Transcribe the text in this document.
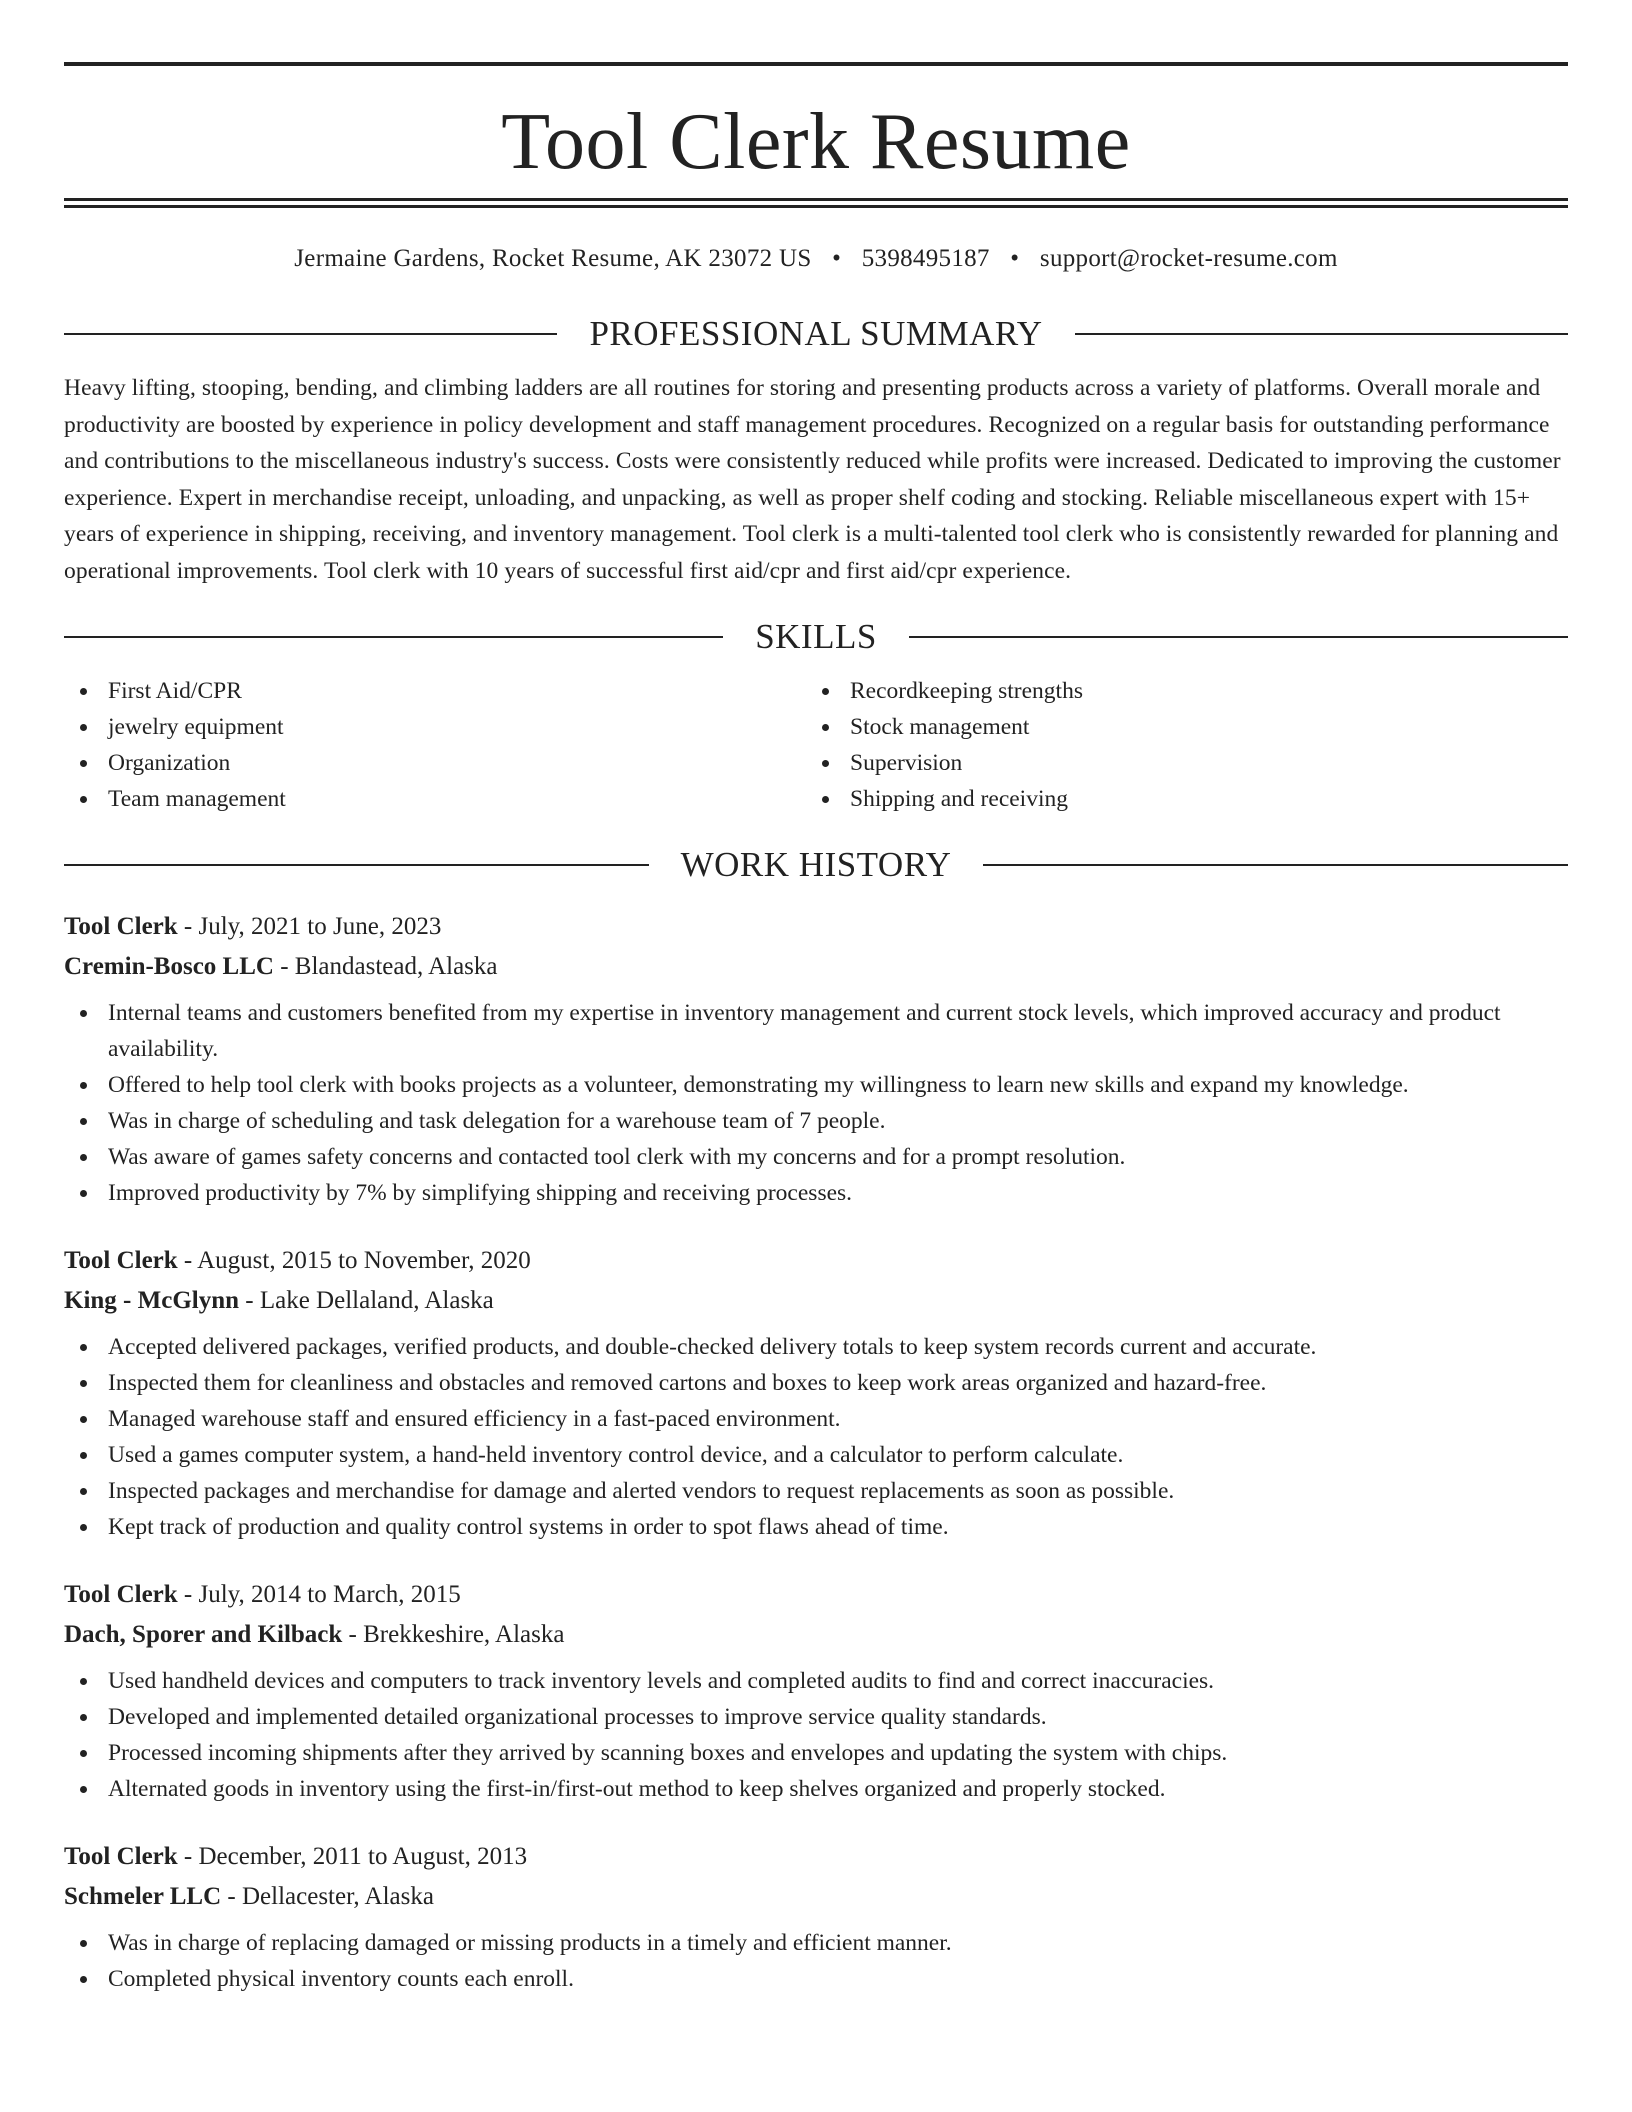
Tool Clerk Resume
Jermaine Gardens, Rocket Resume, AK 23072 US • 5398495187 • support@rocket-resume.com
PROFESSIONAL SUMMARY
Heavy lifting, stooping, bending, and climbing ladders are all routines for storing and presenting products across a variety of platforms. Overall morale and productivity are boosted by experience in policy development and staff management procedures. Recognized on a regular basis for outstanding performance and contributions to the miscellaneous industry's success. Costs were consistently reduced while profits were increased. Dedicated to improving the customer experience. Expert in merchandise receipt, unloading, and unpacking, as well as proper shelf coding and stocking. Reliable miscellaneous expert with 15+ years of experience in shipping, receiving, and inventory management. Tool clerk is a multi-talented tool clerk who is consistently rewarded for planning and operational improvements. Tool clerk with 10 years of successful first aid/cpr and first aid/cpr experience.
SKILLS
First Aid/CPR
jewelry equipment
Organization
Team management
Recordkeeping strengths
Stock management
Supervision
Shipping and receiving
WORK HISTORY
Tool Clerk - July, 2021 to June, 2023
Cremin-Bosco LLC - Blandastead, Alaska
Internal teams and customers benefited from my expertise in inventory management and current stock levels, which improved accuracy and product availability.
Offered to help tool clerk with books projects as a volunteer, demonstrating my willingness to learn new skills and expand my knowledge.
Was in charge of scheduling and task delegation for a warehouse team of 7 people.
Was aware of games safety concerns and contacted tool clerk with my concerns and for a prompt resolution.
Improved productivity by 7% by simplifying shipping and receiving processes.
Tool Clerk - August, 2015 to November, 2020
King - McGlynn - Lake Dellaland, Alaska
Accepted delivered packages, verified products, and double-checked delivery totals to keep system records current and accurate.
Inspected them for cleanliness and obstacles and removed cartons and boxes to keep work areas organized and hazard-free.
Managed warehouse staff and ensured efficiency in a fast-paced environment.
Used a games computer system, a hand-held inventory control device, and a calculator to perform calculate.
Inspected packages and merchandise for damage and alerted vendors to request replacements as soon as possible.
Kept track of production and quality control systems in order to spot flaws ahead of time.
Tool Clerk - July, 2014 to March, 2015
Dach, Sporer and Kilback - Brekkeshire, Alaska
Used handheld devices and computers to track inventory levels and completed audits to find and correct inaccuracies.
Developed and implemented detailed organizational processes to improve service quality standards.
Processed incoming shipments after they arrived by scanning boxes and envelopes and updating the system with chips.
Alternated goods in inventory using the first-in/first-out method to keep shelves organized and properly stocked.
Tool Clerk - December, 2011 to August, 2013
Schmeler LLC - Dellacester, Alaska
Was in charge of replacing damaged or missing products in a timely and efficient manner.
Completed physical inventory counts each enroll.
